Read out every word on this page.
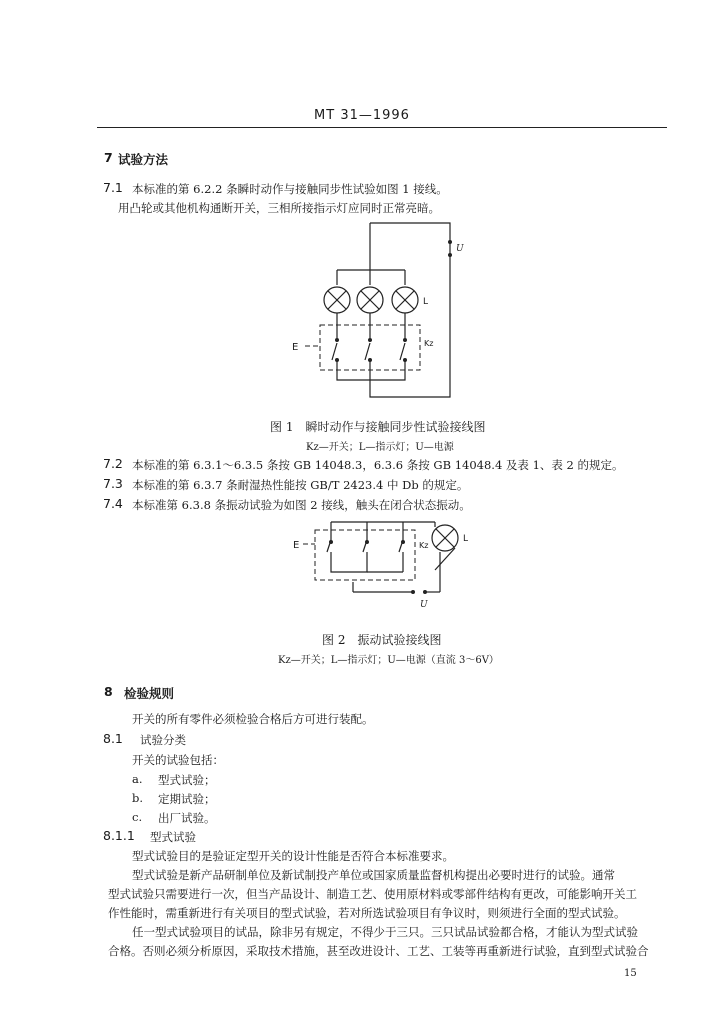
MT 31—1996
7 试验方法
7.1 本标准的第 6.2.2 条瞬时动作与接触同步性试验如图 1 接线。
用凸轮或其他机构通断开关，三相所接指示灯应同时正常亮暗。
U
L
E	Kz
图 1　瞬时动作与接触同步性试验接线图
Kz—开关；L—指示灯；U—电源
7.2 本标准的第 6.3.1～6.3.5 条按 GB 14048.3，6.3.6 条按 GB 14048.4 及表 1、表 2 的规定。
7.3 本标准的第 6.3.7 条耐湿热性能按 GB/T 2423.4 中 Db 的规定。
7.4 本标准第 6.3.8 条振动试验为如图 2 接线，触头在闭合状态振动。
E	Kz
L
U
图 2　振动试验接线图
Kz—开关；L—指示灯；U—电源（直流 3～6V）
8 检验规则
开关的所有零件必须检验合格后方可进行装配。
8.1 试验分类
开关的试验包括：
a. 型式试验；
b. 定期试验；
c. 出厂试验。
8.1.1 型式试验
型式试验目的是验证定型开关的设计性能是否符合本标准要求。
型式试验是新产品研制单位及新试制投产单位或国家质量监督机构提出必要时进行的试验。通常
型式试验只需要进行一次，但当产品设计、制造工艺、使用原材料或零部件结构有更改，可能影响开关工
作性能时，需重新进行有关项目的型式试验，若对所选试验项目有争议时，则须进行全面的型式试验。
任一型式试验项目的试品，除非另有规定，不得少于三只。三只试品试验都合格，才能认为型式试验
合格。否则必须分析原因，采取技术措施，甚至改进设计、工艺、工装等再重新进行试验，直到型式试验合
15
